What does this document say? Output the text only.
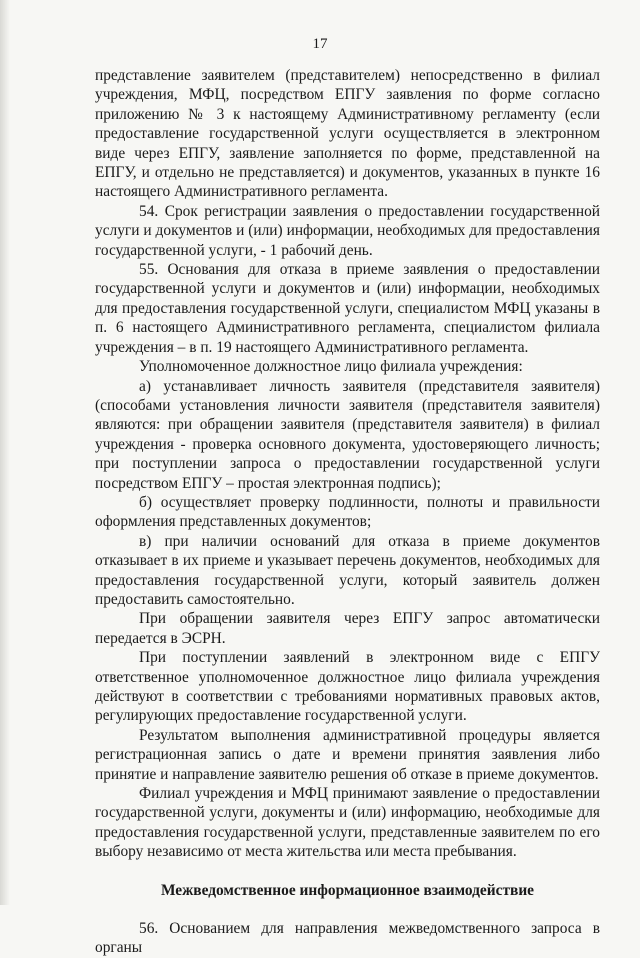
17

представление заявителем (представителем) непосредственно в филиал учреждения, МФЦ, посредством ЕПГУ заявления по форме согласно приложению № 3 к настоящему Административному регламенту (если предоставление государственной услуги осуществляется в электронном виде через ЕПГУ, заявление заполняется по форме, представленной на ЕПГУ, и отдельно не представляется) и документов, указанных в пункте 16 настоящего Административного регламента.

54. Срок регистрации заявления о предоставлении государственной услуги и документов и (или) информации, необходимых для предоставления государственной услуги, - 1 рабочий день.

55. Основания для отказа в приеме заявления о предоставлении государственной услуги и документов и (или) информации, необходимых для предоставления государственной услуги, специалистом МФЦ указаны в п. 6 настоящего Административного регламента, специалистом филиала учреждения – в п. 19 настоящего Административного регламента.

Уполномоченное должностное лицо филиала учреждения:

а) устанавливает личность заявителя (представителя заявителя) (способами установления личности заявителя (представителя заявителя) являются: при обращении заявителя (представителя заявителя) в филиал учреждения - проверка основного документа, удостоверяющего личность; при поступлении запроса о предоставлении государственной услуги посредством ЕПГУ – простая электронная подпись);

б) осуществляет проверку подлинности, полноты и правильности оформления представленных документов;

в) при наличии оснований для отказа в приеме документов отказывает в их приеме и указывает перечень документов, необходимых для предоставления государственной услуги, который заявитель должен предоставить самостоятельно.

При обращении заявителя через ЕПГУ запрос автоматически передается в ЭСРН.

При поступлении заявлений в электронном виде с ЕПГУ ответственное уполномоченное должностное лицо филиала учреждения действуют в соответствии с требованиями нормативных правовых актов, регулирующих предоставление государственной услуги.

Результатом выполнения административной процедуры является регистрационная запись о дате и времени принятия заявления либо принятие и направление заявителю решения об отказе в приеме документов.

Филиал учреждения и МФЦ принимают заявление о предоставлении государственной услуги, документы и (или) информацию, необходимые для предоставления государственной услуги, представленные заявителем по его выбору независимо от места жительства или места пребывания.

Межведомственное информационное взаимодействие

56. Основанием для направления межведомственного запроса в органы
